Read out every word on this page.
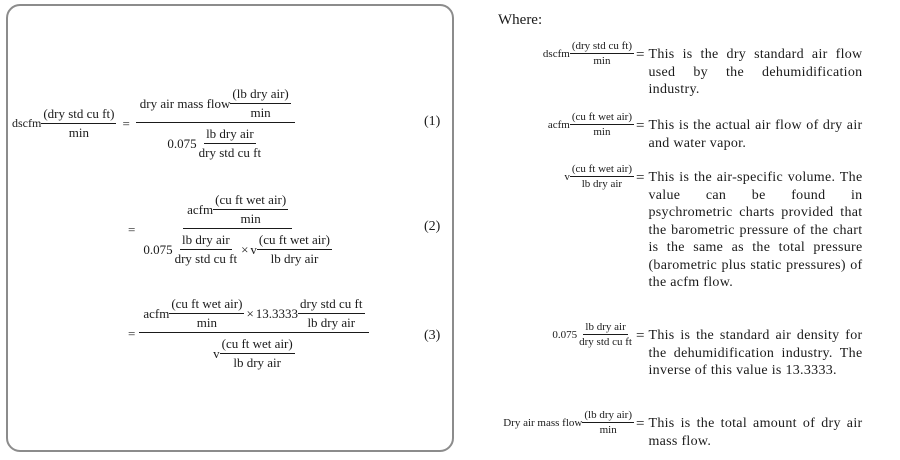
dscfm $\frac{\text{(dry std cu ft)}}{\min} = \frac{dry air mass flow \frac{\text{(lb dry air)}}{\min}}{0.075 \frac{\text{lb dry air}}{\text{dry std cu ft}}}$	(1)
=
acfm $\frac{\text{(cu ft wet air)}}{\min}$
$0.075 \frac{\text{lb dry air}}{\text{dry std cu ft}} \times v \frac{\text{(cu ft wet air)}}{\text{lb dry air}}$
(2)
=
acfm $\frac{\text{(cu ft wet air)}}{\min} \times 13.3333 \frac{\text{dry std cu ft}}{\text{lb dry air}}$
v $\frac{\text{(cu ft wet air)}}{\text{lb dry air}}$
(3)
Where:
dscfm $\frac{\text{(dry std cu ft)}}{\min}$ = This is the dry standard air flow used by the dehumidification industry.
acfm $\frac{\text{(cu ft wet air)}}{\min}$ = This is the actual air flow of dry air and water vapor.
v $\frac{\text{(cu ft wet air)}}{\text{lb dry air}}$ = This is the air-specific volume. The value can be found in psychrometric charts provided that the barometric pressure of the chart is the same as the total pressure (barometric plus static pressures) of the acfm flow.
$0.075 \frac{\text{lb dry air}}{\text{dry std cu ft}}$ = This is the standard air density for the dehumidification industry. The inverse of this value is 13.3333.
Dry air mass flow $\frac{\text{(lb dry air)}}{\min}$ = This is the total amount of dry air mass flow.
